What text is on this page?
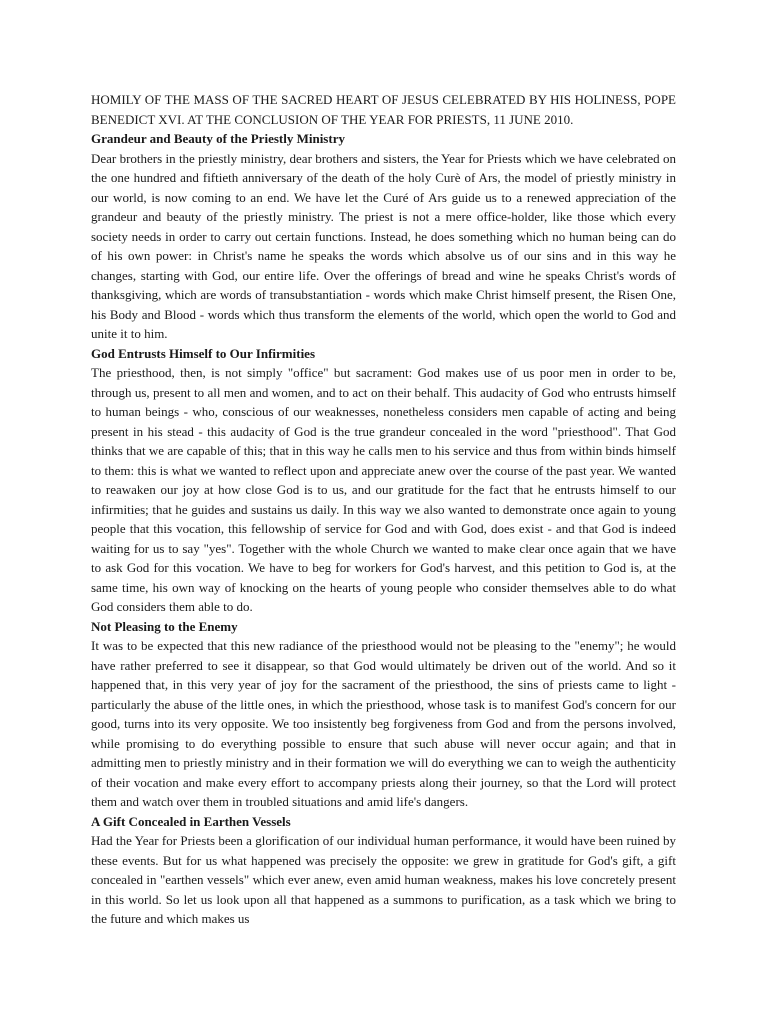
HOMILY OF THE MASS OF THE SACRED HEART OF JESUS CELEBRATED BY HIS HOLINESS, POPE BENEDICT XVI. AT THE CONCLUSION OF THE YEAR FOR PRIESTS, 11 JUNE 2010.

Grandeur and Beauty of the Priestly Ministry

Dear brothers in the priestly ministry, dear brothers and sisters, the Year for Priests which we have celebrated on the one hundred and fiftieth anniversary of the death of the holy Curè of Ars, the model of priestly ministry in our world, is now coming to an end. We have let the Curé of Ars guide us to a renewed appreciation of the grandeur and beauty of the priestly ministry. The priest is not a mere office-holder, like those which every society needs in order to carry out certain functions. Instead, he does something which no human being can do of his own power: in Christ's name he speaks the words which absolve us of our sins and in this way he changes, starting with God, our entire life. Over the offerings of bread and wine he speaks Christ's words of thanksgiving, which are words of transubstantiation - words which make Christ himself present, the Risen One, his Body and Blood - words which thus transform the elements of the world, which open the world to God and unite it to him.

God Entrusts Himself to Our Infirmities

The priesthood, then, is not simply "office" but sacrament: God makes use of us poor men in order to be, through us, present to all men and women, and to act on their behalf. This audacity of God who entrusts himself to human beings - who, conscious of our weaknesses, nonetheless considers men capable of acting and being present in his stead - this audacity of God is the true grandeur concealed in the word "priesthood". That God thinks that we are capable of this; that in this way he calls men to his service and thus from within binds himself to them: this is what we wanted to reflect upon and appreciate anew over the course of the past year. We wanted to reawaken our joy at how close God is to us, and our gratitude for the fact that he entrusts himself to our infirmities; that he guides and sustains us daily. In this way we also wanted to demonstrate once again to young people that this vocation, this fellowship of service for God and with God, does exist - and that God is indeed waiting for us to say "yes". Together with the whole Church we wanted to make clear once again that we have to ask God for this vocation. We have to beg for workers for God's harvest, and this petition to God is, at the same time, his own way of knocking on the hearts of young people who consider themselves able to do what God considers them able to do.

Not Pleasing to the Enemy

It was to be expected that this new radiance of the priesthood would not be pleasing to the "enemy"; he would have rather preferred to see it disappear, so that God would ultimately be driven out of the world. And so it happened that, in this very year of joy for the sacrament of the priesthood, the sins of priests came to light - particularly the abuse of the little ones, in which the priesthood, whose task is to manifest God's concern for our good, turns into its very opposite. We too insistently beg forgiveness from God and from the persons involved, while promising to do everything possible to ensure that such abuse will never occur again; and that in admitting men to priestly ministry and in their formation we will do everything we can to weigh the authenticity of their vocation and make every effort to accompany priests along their journey, so that the Lord will protect them and watch over them in troubled situations and amid life's dangers.

A Gift Concealed in Earthen Vessels

Had the Year for Priests been a glorification of our individual human performance, it would have been ruined by these events. But for us what happened was precisely the opposite: we grew in gratitude for God's gift, a gift concealed in "earthen vessels" which ever anew, even amid human weakness, makes his love concretely present in this world. So let us look upon all that happened as a summons to purification, as a task which we bring to the future and which makes us
